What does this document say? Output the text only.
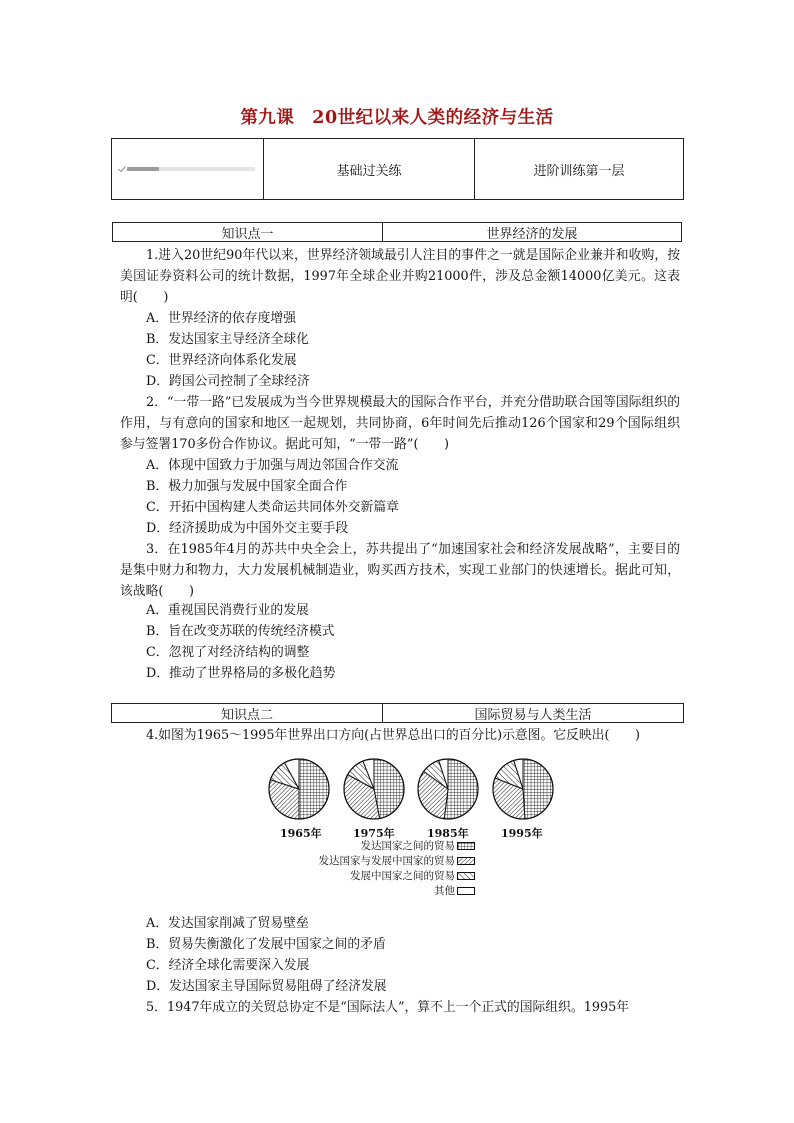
第九课　20世纪以来人类的经济与生活
基础过关练	进阶训练第一层
知识点一	世界经济的发展

1.进入20世纪90年代以来，世界经济领域最引人注目的事件之一就是国际企业兼并和收购，按美国证券资料公司的统计数据，1997年全球企业并购21000件，涉及总金额14000亿美元。这表明(　　)

A．世界经济的依存度增强
B．发达国家主导经济全球化
C．世界经济向体系化发展
D．跨国公司控制了全球经济

2．“一带一路”已发展成为当今世界规模最大的国际合作平台，并充分借助联合国等国际组织的作用，与有意向的国家和地区一起规划，共同协商，6年时间先后推动126个国家和29个国际组织参与签署170多份合作协议。据此可知，“一带一路”(　　)

A．体现中国致力于加强与周边邻国合作交流
B．极力加强与发展中国家全面合作
C．开拓中国构建人类命运共同体外交新篇章
D．经济援助成为中国外交主要手段

3．在1985年4月的苏共中央全会上，苏共提出了“加速国家社会和经济发展战略”，主要目的是集中财力和物力，大力发展机械制造业，购买西方技术，实现工业部门的快速增长。据此可知，该战略(　　)

A．重视国民消费行业的发展
B．旨在改变苏联的传统经济模式
C．忽视了对经济结构的调整
D．推动了世界格局的多极化趋势
知识点二	国际贸易与人类生活

4.如图为1965～1995年世界出口方向(占世界总出口的百分比)示意图。它反映出(　　)

1965年	1975年	1985年	1995年
发达国家之间的贸易
发达国家与发展中国家的贸易
发展中国家之间的贸易
其他
A．发达国家削减了贸易壁垒
B．贸易失衡激化了发展中国家之间的矛盾
C．经济全球化需要深入发展
D．发达国家主导国际贸易阻碍了经济发展

5．1947年成立的关贸总协定不是“国际法人”，算不上一个正式的国际组织。1995年
